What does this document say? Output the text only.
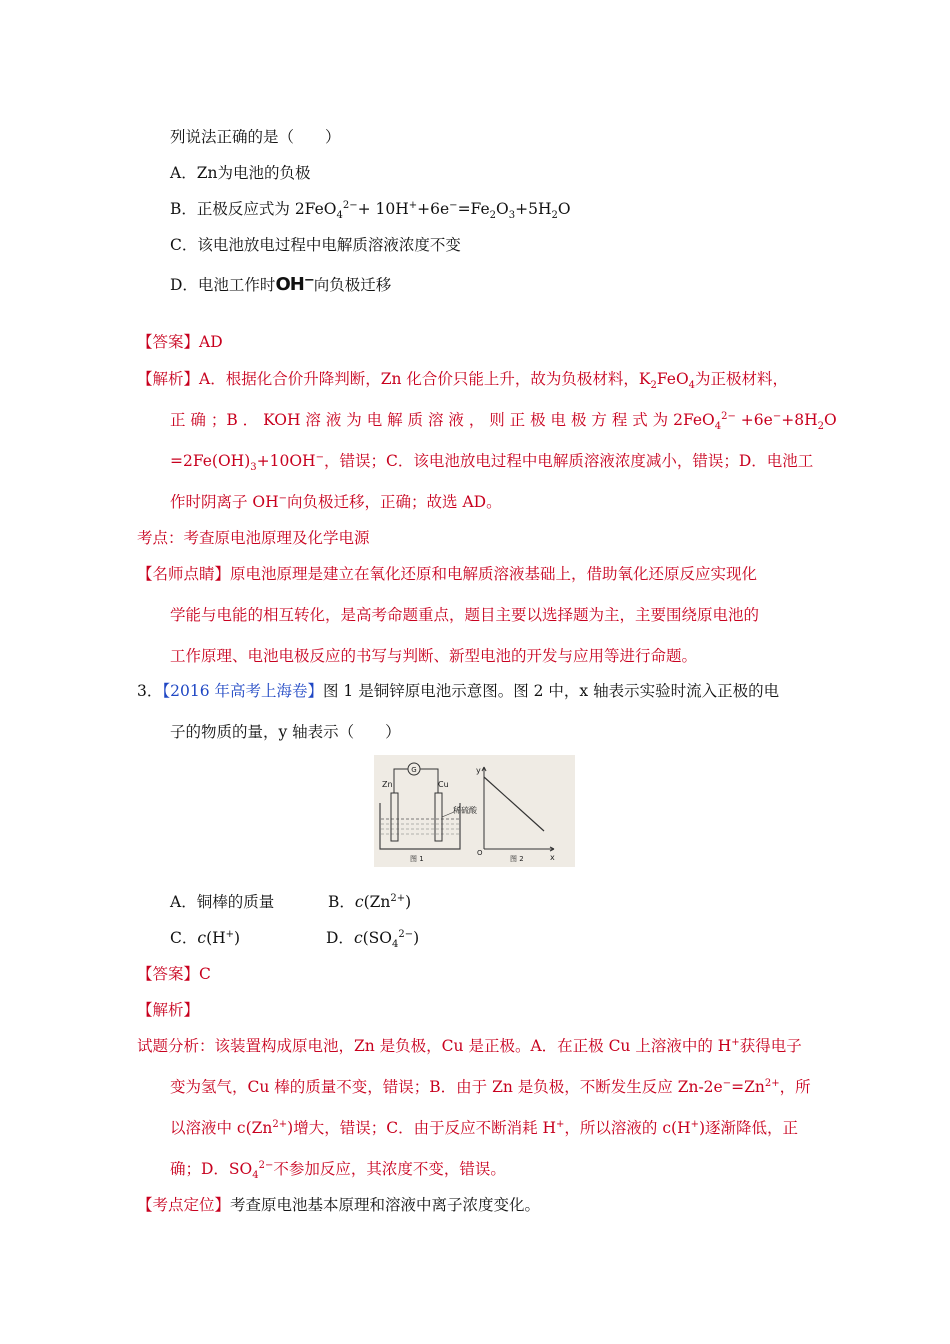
列说法正确的是（　　）
A．Zn为电池的负极
B．正极反应式为 $2FeO_4^{2-}+ 10H^++6e^-=Fe_2O_3+5H_2O$
C．该电池放电过程中电解质溶液浓度不变
D．电池工作时OH−向负极迁移
【答案】AD
【解析】A．根据化合价升降判断，Zn 化合价只能上升，故为负极材料，$K_2FeO_4$为正极材料，
正 确 ；B ． KOH 溶 液 为 电 解 质 溶 液 ， 则 正 极 电 极 方 程 式 为 $2FeO_4^{2-} +6e^-+8H_2O$
$=2Fe(OH)_3+10OH^-$，错误；C．该电池放电过程中电解质溶液浓度减小，错误；D．电池工
作时阴离子 OH−向负极迁移，正确；故选 AD。
考点：考查原电池原理及化学电源
【名师点睛】原电池原理是建立在氧化还原和电解质溶液基础上，借助氧化还原反应实现化
学能与电能的相互转化，是高考命题重点，题目主要以选择题为主，主要围绕原电池的
工作原理、电池电极反应的书写与判断、新型电池的开发与应用等进行命题。
3．【2016 年高考上海卷】图 1 是铜锌原电池示意图。图 2 中，x 轴表示实验时流入正极的电
子的物质的量，y 轴表示（　　）
G
Zn	Cu
稀硫酸
图 1
y
x
O
图 2
A．铜棒的质量	B．$c(Zn^{2+})$
C．c(H+)	D．$c(SO_4^{2-})$
【答案】C
【解析】
试题分析：该装置构成原电池，Zn 是负极，Cu 是正极。A．在正极 Cu 上溶液中的 H+获得电子
变为氢气，Cu 棒的质量不变，错误；B．由于 Zn 是负极，不断发生反应 $Zn-2e^-=Zn^{2+}$，所
以溶液中 $c(Zn^{2+})$增大，错误；C．由于反应不断消耗 H+，所以溶液的 c(H+)逐渐降低，正
确；D．$SO_4^{2-}$不参加反应，其浓度不变，错误。
【考点定位】考查原电池基本原理和溶液中离子浓度变化。
